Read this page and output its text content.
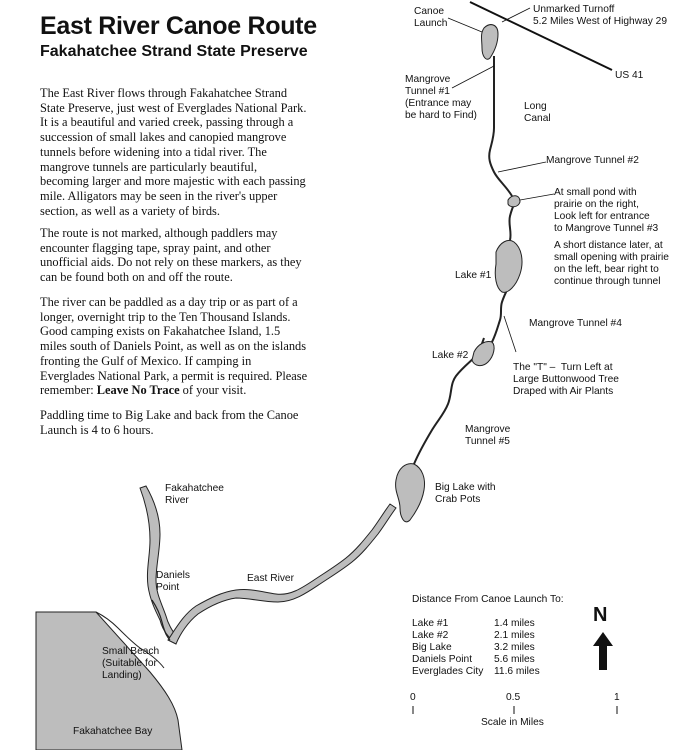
East River Canoe Route
Fakahatchee Strand State Preserve

The East River flows through Fakahatchee Strand State Preserve, just west of Everglades National Park. It is a beautiful and varied creek, passing through a succession of small lakes and canopied mangrove tunnels before widening into a tidal river. The mangrove tunnels are particularly beautiful, becoming larger and more majestic with each passing mile. Alligators may be seen in the river's upper section, as well as a variety of birds.

The route is not marked, although paddlers may encounter flagging tape, spray paint, and other unofficial aids. Do not rely on these markers, as they can be found both on and off the route.

The river can be paddled as a day trip or as part of a longer, overnight trip to the Ten Thousand Islands. Good camping exists on Fakahatchee Island, 1.5 miles south of Daniels Point, as well as on the islands fronting the Gulf of Mexico. If camping in Everglades National Park, a permit is required. Please remember: Leave No Trace of your visit.

Paddling time to Big Lake and back from the Canoe Launch is 4 to 6 hours.

Canoe
Launch
Unmarked Turnoff
5.2 Miles West of Highway 29
US 41
Mangrove
Tunnel #1
(Entrance may
be hard to Find)
Long
Canal
Mangrove Tunnel #2
At small pond with
prairie on the right,
Look left for entrance
to Mangrove Tunnel #3
A short distance later, at
small opening with prairie
on the left, bear right to
continue through tunnel
Lake #1
Mangrove Tunnel #4
Lake #2
The "T" –  Turn Left at
Large Buttonwood Tree
Draped with Air Plants
Mangrove
Tunnel #5
Big Lake with
Crab Pots
Fakahatchee
River
Daniels
Point
East River
Small Beach
(Suitable for
Landing)
Fakahatchee Bay
Distance From Canoe Launch To:
Lake #1	1.4 miles
Lake #2	2.1 miles
Big Lake	3.2 miles
Daniels Point 5.6 miles
Everglades City 11.6 miles
N
0	0.5	1
Scale in Miles
